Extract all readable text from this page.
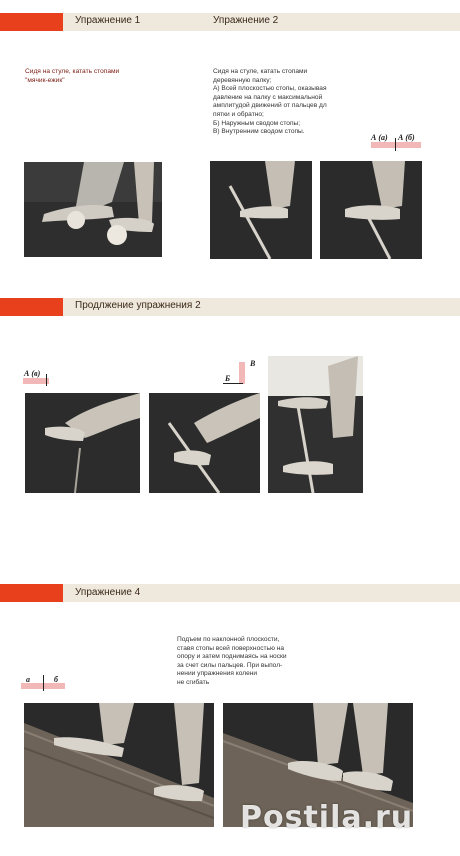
Упражнение 1	Упражнение 2
Сидя на стуле, катать стопами
"мячик-ежик"
Сидя на стуле, катать стопами
деревянную палку;
А) Всей плоскостью стопы, оказывая
давление на палку с максимальной
амплитудой движений от пальцев дл
пятки и обратно;
Б) Наружным сводом стопы;
В) Внутренним сводом стопы.
А (а) А (б)
Продлжение упражнения 2
А (в)
Б
В
Упражнение 4
Подъем по наклонной плоскости,
ставя стопы всей поверхностью на
опору и затем поднимаясь на носки
за счет силы пальцев. При выпол-
нении упражнения колени
не сгибать
а	б
Postila.ru
